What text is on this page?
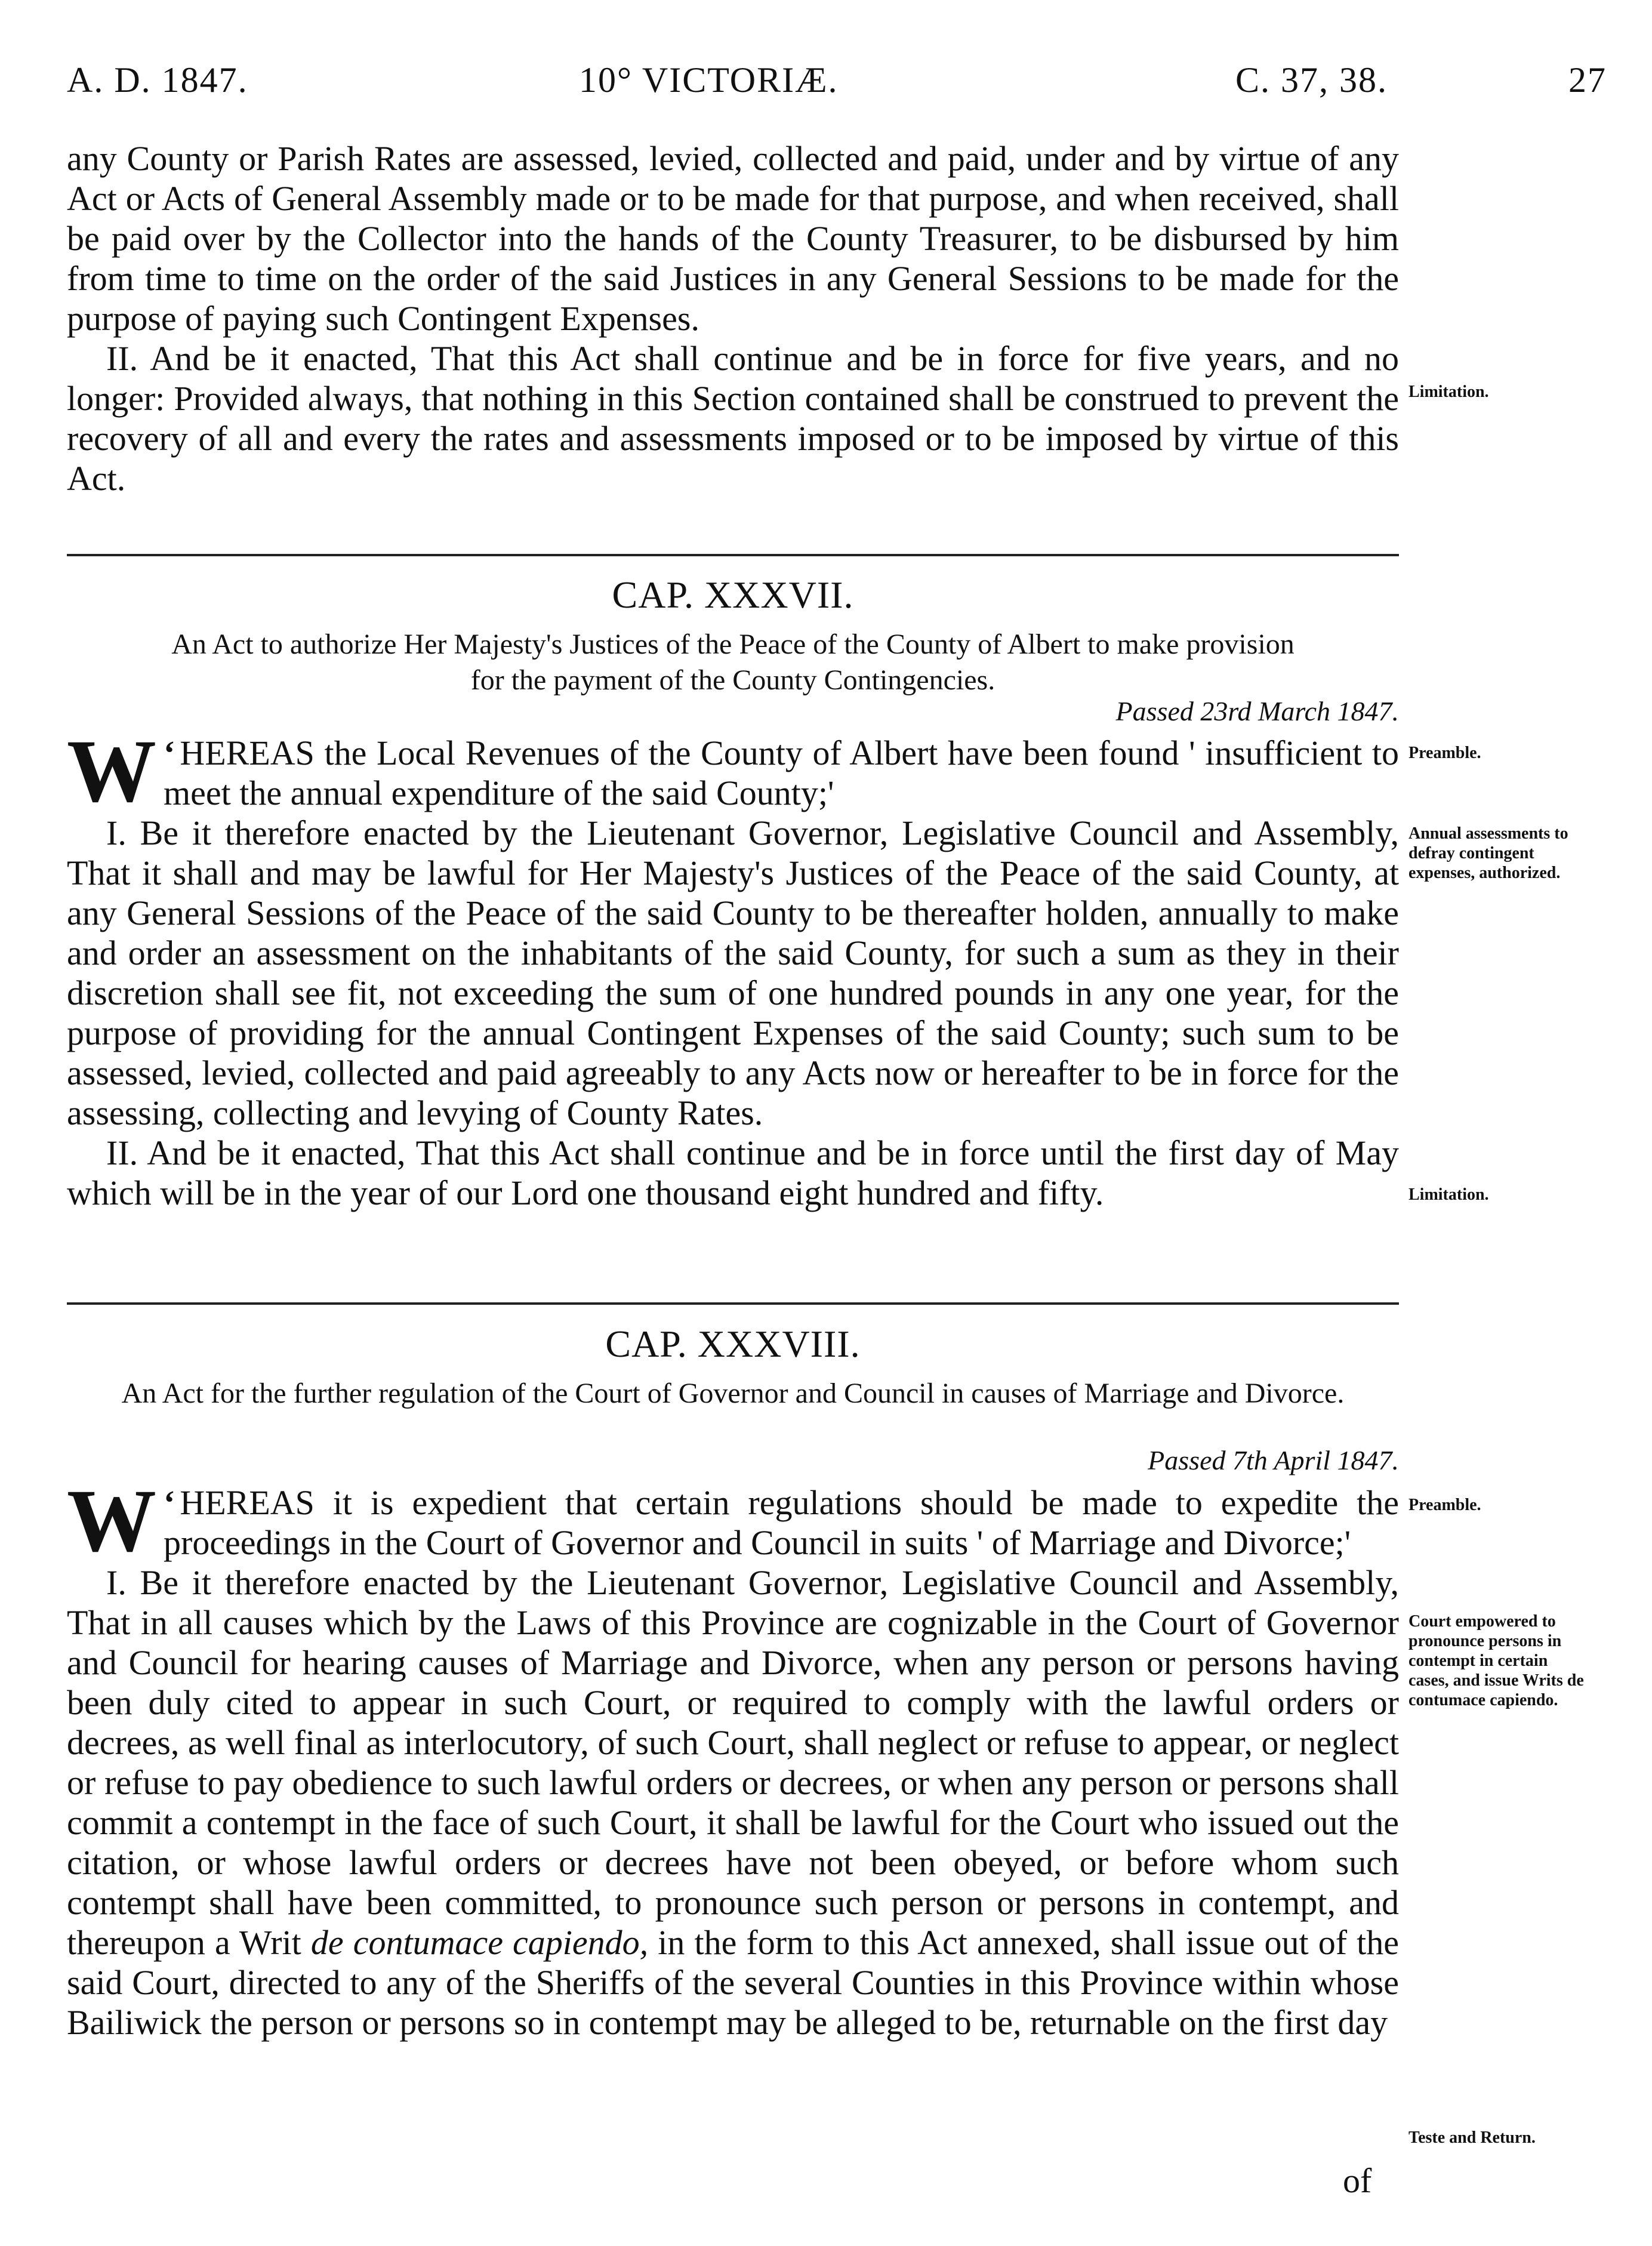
A. D. 1847.	10° VICTORIÆ.	C. 37, 38.	27

any County or Parish Rates are assessed, levied, collected and paid, under and by virtue of any Act or Acts of General Assembly made or to be made for that purpose, and when received, shall be paid over by the Collector into the hands of the County Treasurer, to be disbursed by him from time to time on the order of the said Justices in any General Sessions to be made for the purpose of paying such Contingent Expenses.

II. And be it enacted, That this Act shall continue and be in force for five years, and no longer: Provided always, that nothing in this Section contained shall be construed to prevent the recovery of all and every the rates and assessments imposed or to be imposed by virtue of this Act.

Limitation.
CAP. XXXVII.

An Act to authorize Her Majesty's Justices of the Peace of the County of Albert to make provision for the payment of the County Contingencies.

Passed 23rd March 1847.

‘
W HEREAS the Local Revenues of the County of Albert have been found ' insufficient to meet the annual expenditure of the said County;'

I. Be it therefore enacted by the Lieutenant Governor, Legislative Council and Assembly, That it shall and may be lawful for Her Majesty's Justices of the Peace of the said County, at any General Sessions of the Peace of the said County to be thereafter holden, annually to make and order an assessment on the inhabitants of the said County, for such a sum as they in their discretion shall see fit, not exceeding the sum of one hundred pounds in any one year, for the purpose of providing for the annual Contingent Expenses of the said County; such sum to be assessed, levied, collected and paid agreeably to any Acts now or hereafter to be in force for the assessing, collecting and levying of County Rates.

II. And be it enacted, That this Act shall continue and be in force until the first day of May which will be in the year of our Lord one thousand eight hundred and fifty.

Preamble.
Annual assessments to defray contingent expenses, authorized.
Limitation.
CAP. XXXVIII.

An Act for the further regulation of the Court of Governor and Council in causes of Marriage and Divorce.

Passed 7th April 1847.

‘
W HEREAS it is expedient that certain regulations should be made to expedite the proceedings in the Court of Governor and Council in suits ' of Marriage and Divorce;'

I. Be it therefore enacted by the Lieutenant Governor, Legislative Council and Assembly, That in all causes which by the Laws of this Province are cognizable in the Court of Governor and Council for hearing causes of Marriage and Divorce, when any person or persons having been duly cited to appear in such Court, or required to comply with the lawful orders or decrees, as well final as interlocutory, of such Court, shall neglect or refuse to appear, or neglect or refuse to pay obedience to such lawful orders or decrees, or when any person or persons shall commit a contempt in the face of such Court, it shall be lawful for the Court who issued out the citation, or whose lawful orders or decrees have not been obeyed, or before whom such contempt shall have been committed, to pronounce such person or persons in contempt, and thereupon a Writ de contumace capiendo, in the form to this Act annexed, shall issue out of the said Court, directed to any of the Sheriffs of the several Counties in this Province within whose Bailiwick the person or persons so in contempt may be alleged to be, returnable on the first day

Preamble.
Court empowered to pronounce persons in contempt in certain cases, and issue Writs de contumace capiendo.
Teste and Return.
of
